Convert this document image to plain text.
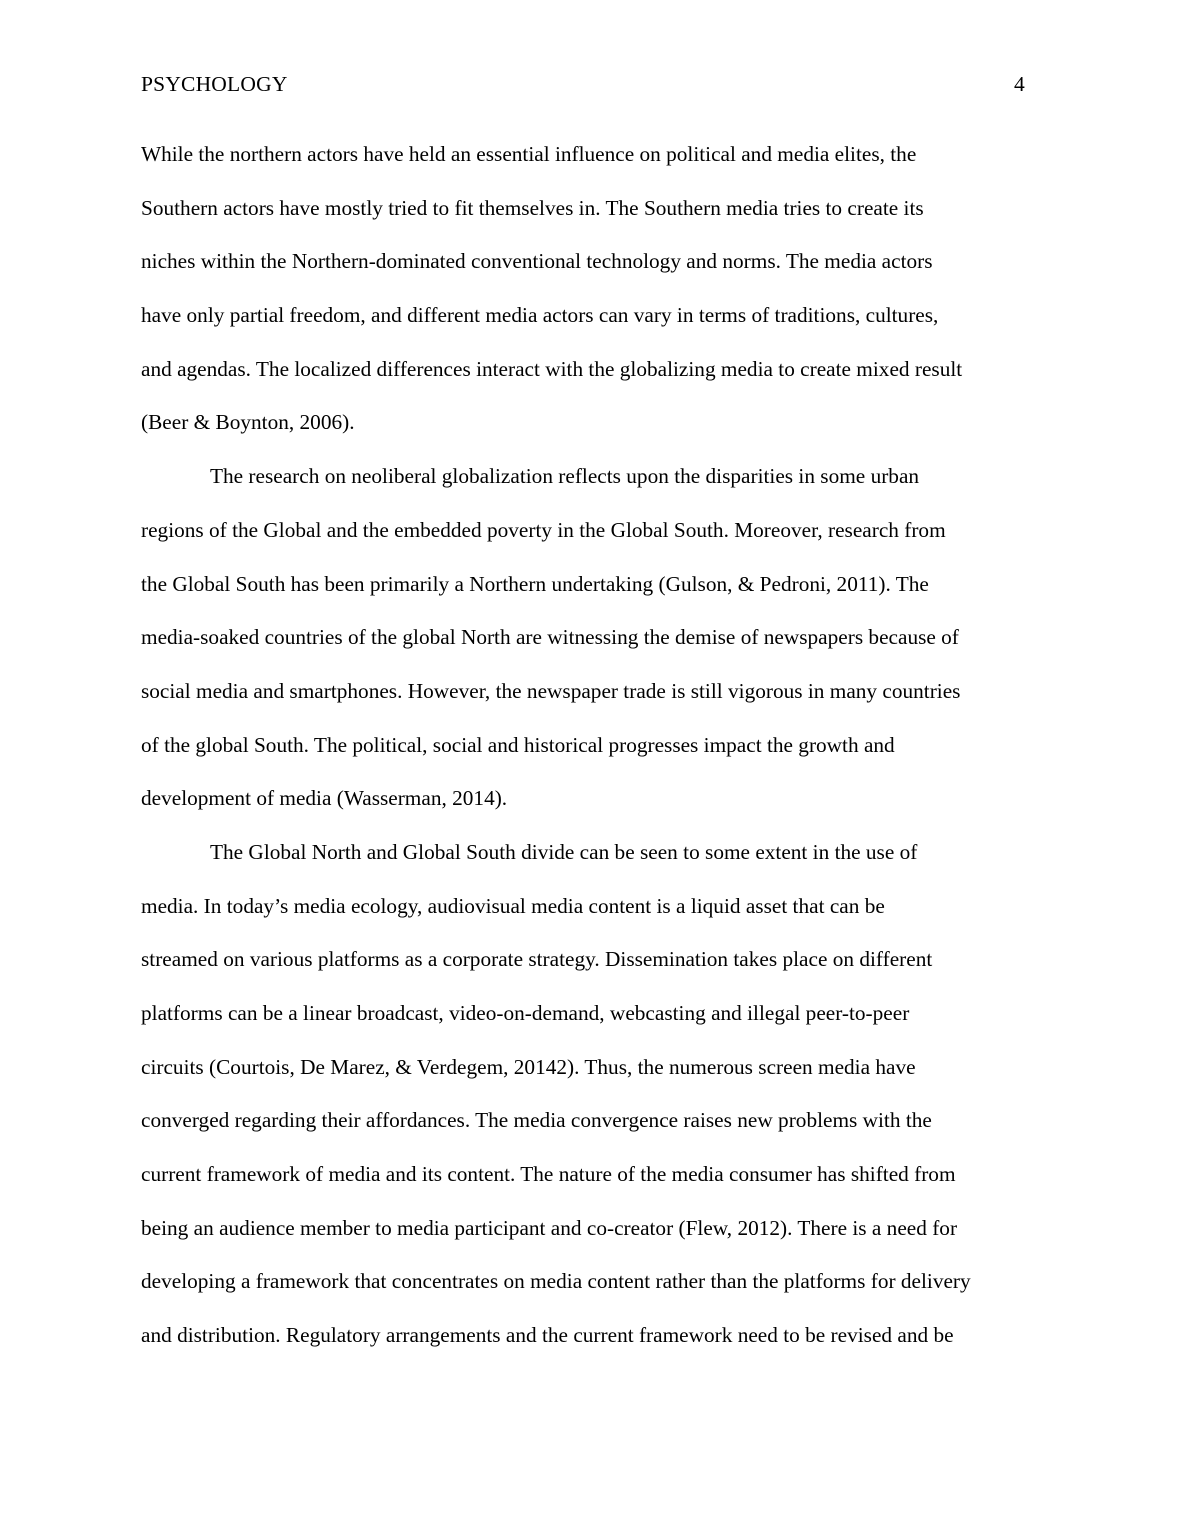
PSYCHOLOGY	4
While the northern actors have held an essential influence on political and media elites, the
Southern actors have mostly tried to fit themselves in. The Southern media tries to create its
niches within the Northern-dominated conventional technology and norms. The media actors
have only partial freedom, and different media actors can vary in terms of traditions, cultures,
and agendas. The localized differences interact with the globalizing media to create mixed result
(Beer & Boynton, 2006).
The research on neoliberal globalization reflects upon the disparities in some urban
regions of the Global and the embedded poverty in the Global South. Moreover, research from
the Global South has been primarily a Northern undertaking (Gulson, & Pedroni, 2011). The
media-soaked countries of the global North are witnessing the demise of newspapers because of
social media and smartphones. However, the newspaper trade is still vigorous in many countries
of the global South. The political, social and historical progresses impact the growth and
development of media (Wasserman, 2014).
The Global North and Global South divide can be seen to some extent in the use of
media. In today’s media ecology, audiovisual media content is a liquid asset that can be
streamed on various platforms as a corporate strategy. Dissemination takes place on different
platforms can be a linear broadcast, video-on-demand, webcasting and illegal peer-to-peer
circuits (Courtois, De Marez, & Verdegem, 20142). Thus, the numerous screen media have
converged regarding their affordances. The media convergence raises new problems with the
current framework of media and its content. The nature of the media consumer has shifted from
being an audience member to media participant and co-creator (Flew, 2012). There is a need for
developing a framework that concentrates on media content rather than the platforms for delivery
and distribution. Regulatory arrangements and the current framework need to be revised and be
